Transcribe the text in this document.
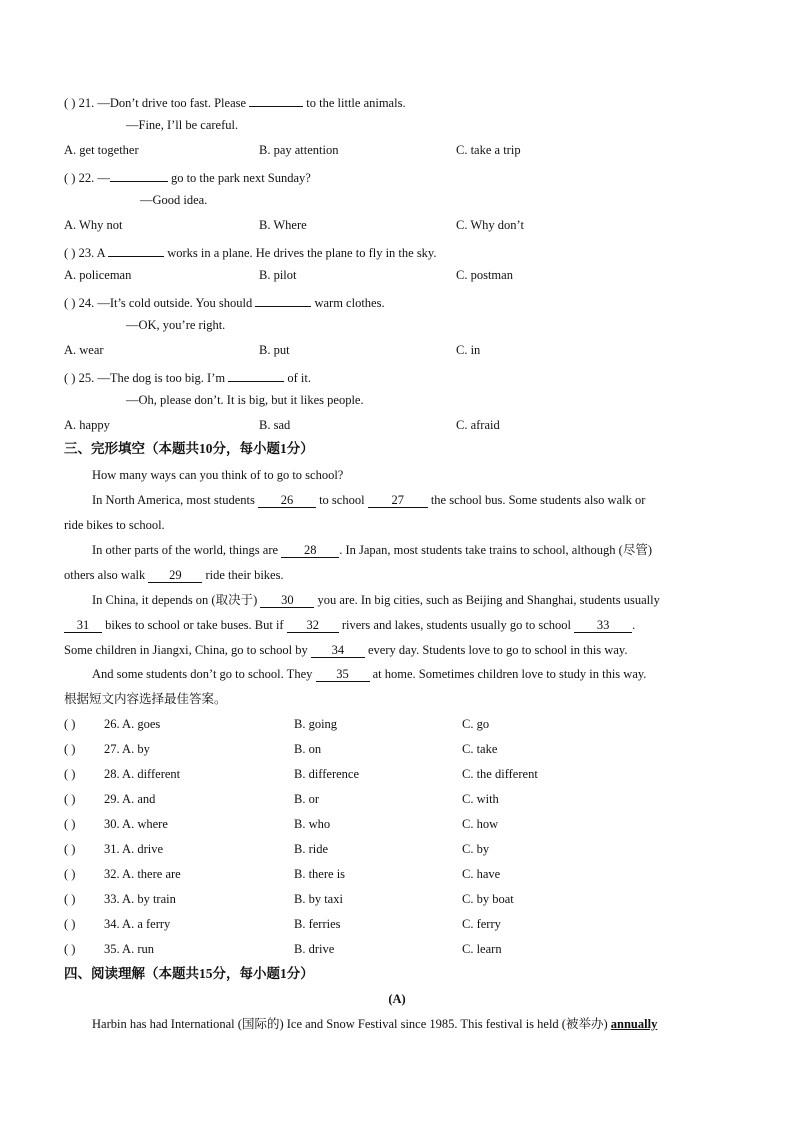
( ) 21. —Don’t drive too fast. Please	to the little animals.
—Fine, I’ll be careful.
A. get together	B. pay attention	C. take a trip
( ) 22. —	go to the park next Sunday?
—Good idea.
A. Why not	B. Where	C. Why don’t
( ) 23. A	works in a plane. He drives the plane to fly in the sky.
A. policeman	B. pilot	C. postman
( ) 24. —It’s cold outside. You should	warm clothes.
—OK, you’re right.
A. wear	B. put	C. in
( ) 25. —The dog is too big. I’m	of it.
—Oh, please don’t. It is big, but it likes people.
A. happy	B. sad	C. afraid
三、完形填空（本题共10分，每小题1分）
How many ways can you think of to go to school?
In North America, most students 26 to school 27 the school bus. Some students also walk or
ride bikes to school.
In other parts of the world, things are 28 . In Japan, most students take trains to school, although (尽管)
others also walk 29 ride their bikes.
In China, it depends on (取决于) 30 you are. In big cities, such as Beijing and Shanghai, students usually
31 bikes to school or take buses. But if 32 rivers and lakes, students usually go to school 33 .
Some children in Jiangxi, China, go to school by 34 every day. Students love to go to school in this way.
And some students don’t go to school. They 35 at home. Sometimes children love to study in this way.
根据短文内容选择最佳答案。
( ) 26. A. goes	B. going	C. go
( ) 27. A. by	B. on	C. take
( ) 28. A. different	B. difference	C. the different
( ) 29. A. and	B. or	C. with
( ) 30. A. where	B. who	C. how
( ) 31. A. drive	B. ride	C. by
( ) 32. A. there are	B. there is	C. have
( ) 33. A. by train	B. by taxi	C. by boat
( ) 34. A. a ferry	B. ferries	C. ferry
( ) 35. A. run	B. drive	C. learn
四、阅读理解（本题共15分，每小题1分）
(A)
Harbin has had International (国际的) Ice and Snow Festival since 1985. This festival is held (被举办) annually
